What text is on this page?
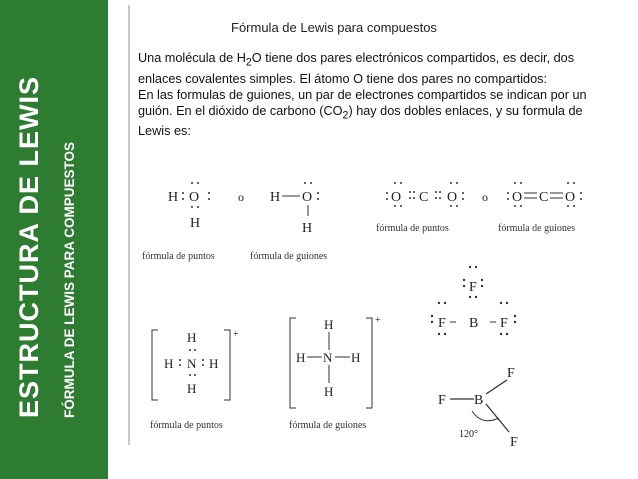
ESTRUCTURA DE LEWIS FÓRMULA DE LEWIS PARA COMPUESTOS
Fórmula de Lewis para compuestos

Una molécula de $H_2O$ tiene dos pares electrónicos compartidos, es decir, dos enlaces covalentes simples. El átomo O tiene dos pares no compartidos:

En las formulas de guiones, un par de electrones compartidos se indican por un guión. En el dióxido de carbono $(CO_2)$ hay dos dobles enlaces, y su formula de Lewis es:

H O
H
o H O
H
fórmula de puntos	fórmula de guiones
O C O o O C O
fórmula de puntos	fórmula de guiones
F
F B F
+
H
H N H
H
fórmula de puntos
+
H
H N H
H
fórmula de guiones
F B
F
F
120°
